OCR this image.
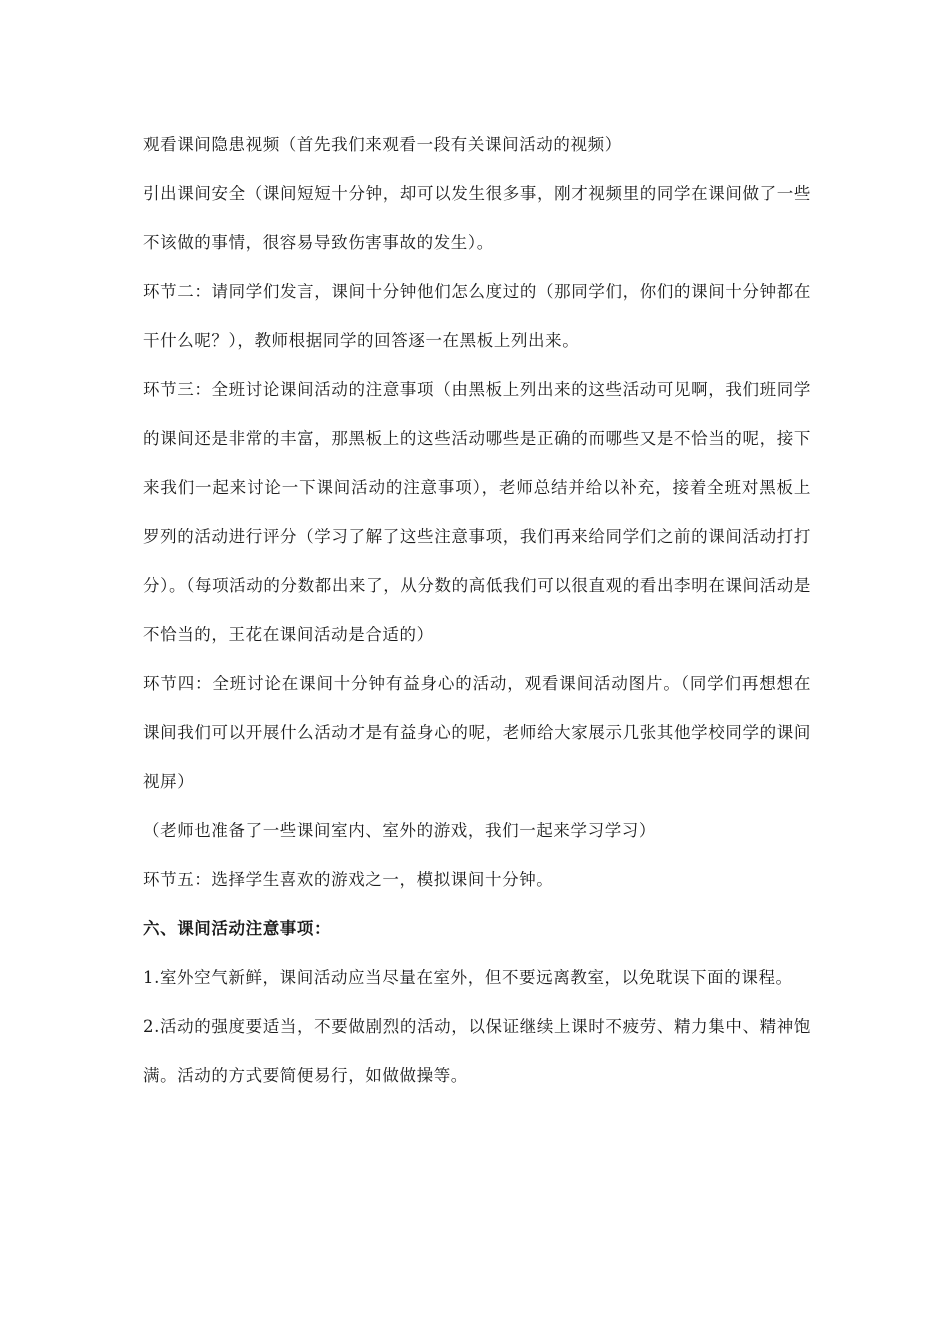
观看课间隐患视频（首先我们来观看一段有关课间活动的视频）

引出课间安全（课间短短十分钟，却可以发生很多事，刚才视频里的同学在课间做了一些不该做的事情，很容易导致伤害事故的发生）。

环节二：请同学们发言，课间十分钟他们怎么度过的（那同学们，你们的课间十分钟都在干什么呢？），教师根据同学的回答逐一在黑板上列出来。

环节三：全班讨论课间活动的注意事项（由黑板上列出来的这些活动可见啊，我们班同学的课间还是非常的丰富，那黑板上的这些活动哪些是正确的而哪些又是不恰当的呢，接下来我们一起来讨论一下课间活动的注意事项），老师总结并给以补充，接着全班对黑板上罗列的活动进行评分（学习了解了这些注意事项，我们再来给同学们之前的课间活动打打分）。（每项活动的分数都出来了，从分数的高低我们可以很直观的看出李明在课间活动是不恰当的，王花在课间活动是合适的）

环节四：全班讨论在课间十分钟有益身心的活动，观看课间活动图片。（同学们再想想在课间我们可以开展什么活动才是有益身心的呢，老师给大家展示几张其他学校同学的课间视屏）

（老师也准备了一些课间室内、室外的游戏，我们一起来学习学习）

环节五：选择学生喜欢的游戏之一，模拟课间十分钟。

六、课间活动注意事项：

1.室外空气新鲜，课间活动应当尽量在室外，但不要远离教室，以免耽误下面的课程。

2.活动的强度要适当，不要做剧烈的活动，以保证继续上课时不疲劳、精力集中、精神饱满。活动的方式要简便易行，如做做操等。
